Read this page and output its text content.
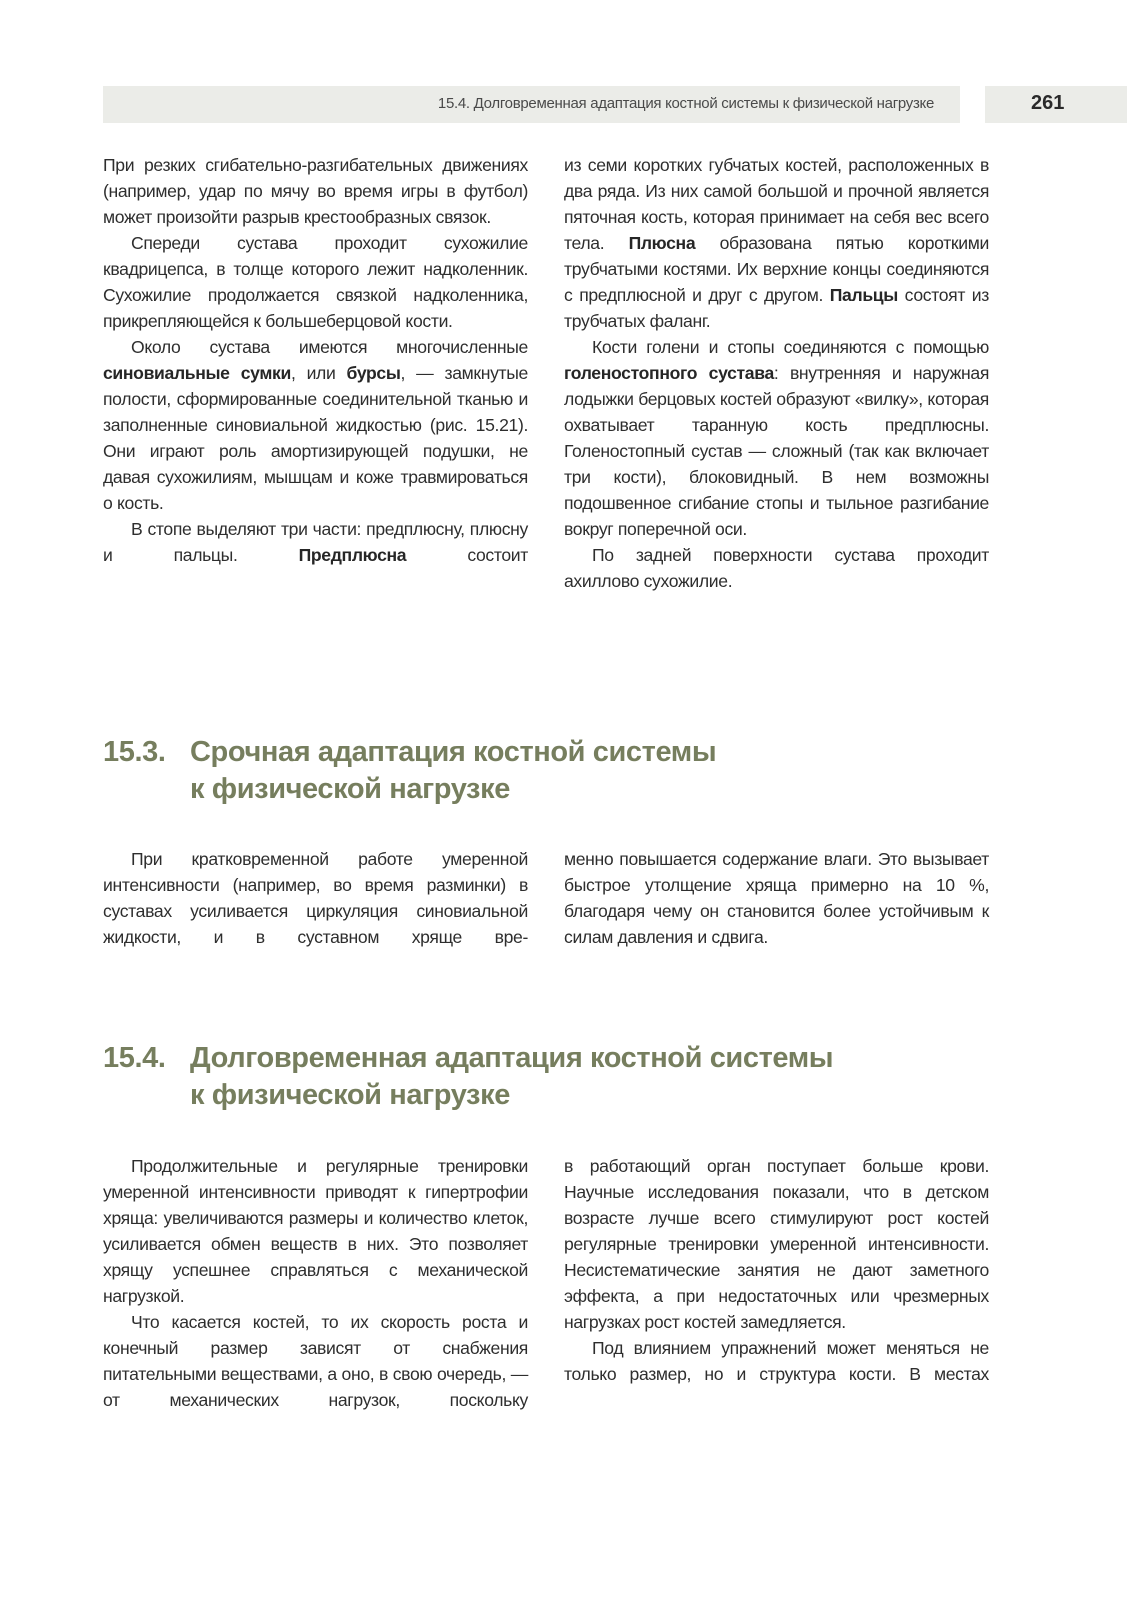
15.4. Долговременная адаптация костной системы к физической нагрузке	261

При резких сгибательно-разгибательных движениях (например, удар по мячу во время игры в футбол) может произойти разрыв крестообразных связок.

Спереди сустава проходит сухожилие квадрицепса, в толще которого лежит надколенник. Сухожилие продолжается связкой надколенника, прикрепляющейся к большеберцовой кости.

Около сустава имеются многочисленные синовиальные сумки, или бурсы, — замкнутые полости, сформированные соединительной тканью и заполненные синовиальной жидкостью (рис. 15.21). Они играют роль амортизирующей подушки, не давая сухожилиям, мышцам и коже травмироваться о кость.

В стопе выделяют три части: предплюсну, плюсну и пальцы. Предплюсна состоит

из семи коротких губчатых костей, расположенных в два ряда. Из них самой большой и прочной является пяточная кость, которая принимает на себя вес всего тела. Плюсна образована пятью короткими трубчатыми костями. Их верхние концы соединяются с предплюсной и друг с другом. Пальцы состоят из трубчатых фаланг.

Кости голени и стопы соединяются с помощью голеностопного сустава: внутренняя и наружная лодыжки берцовых костей образуют «вилку», которая охватывает таранную кость предплюсны. Голеностопный сустав — сложный (так как включает три кости), блоковидный. В нем возможны подошвенное сгибание стопы и тыльное разгибание вокруг поперечной оси.

По задней поверхности сустава проходит ахиллово сухожилие.

15.3. Срочная адаптация костной системы
к физической нагрузке

При кратковременной работе умеренной интенсивности (например, во время разминки) в суставах усиливается циркуляция синовиальной жидкости, и в суставном хряще вре-

менно повышается содержание влаги. Это вызывает быстрое утолщение хряща примерно на 10 %, благодаря чему он становится более устойчивым к силам давления и сдвига.

15.4. Долговременная адаптация костной системы
к физической нагрузке

Продолжительные и регулярные тренировки умеренной интенсивности приводят к гипертрофии хряща: увеличиваются размеры и количество клеток, усиливается обмен веществ в них. Это позволяет хрящу успешнее справляться с механической нагрузкой.

Что касается костей, то их скорость роста и конечный размер зависят от снабжения питательными веществами, а оно, в свою очередь, — от механических нагрузок, поскольку

в работающий орган поступает больше крови. Научные исследования показали, что в детском возрасте лучше всего стимулируют рост костей регулярные тренировки умеренной интенсивности. Несистематические занятия не дают заметного эффекта, а при недостаточных или чрезмерных нагрузках рост костей замедляется.

Под влиянием упражнений может меняться не только размер, но и структура кости. В местах
